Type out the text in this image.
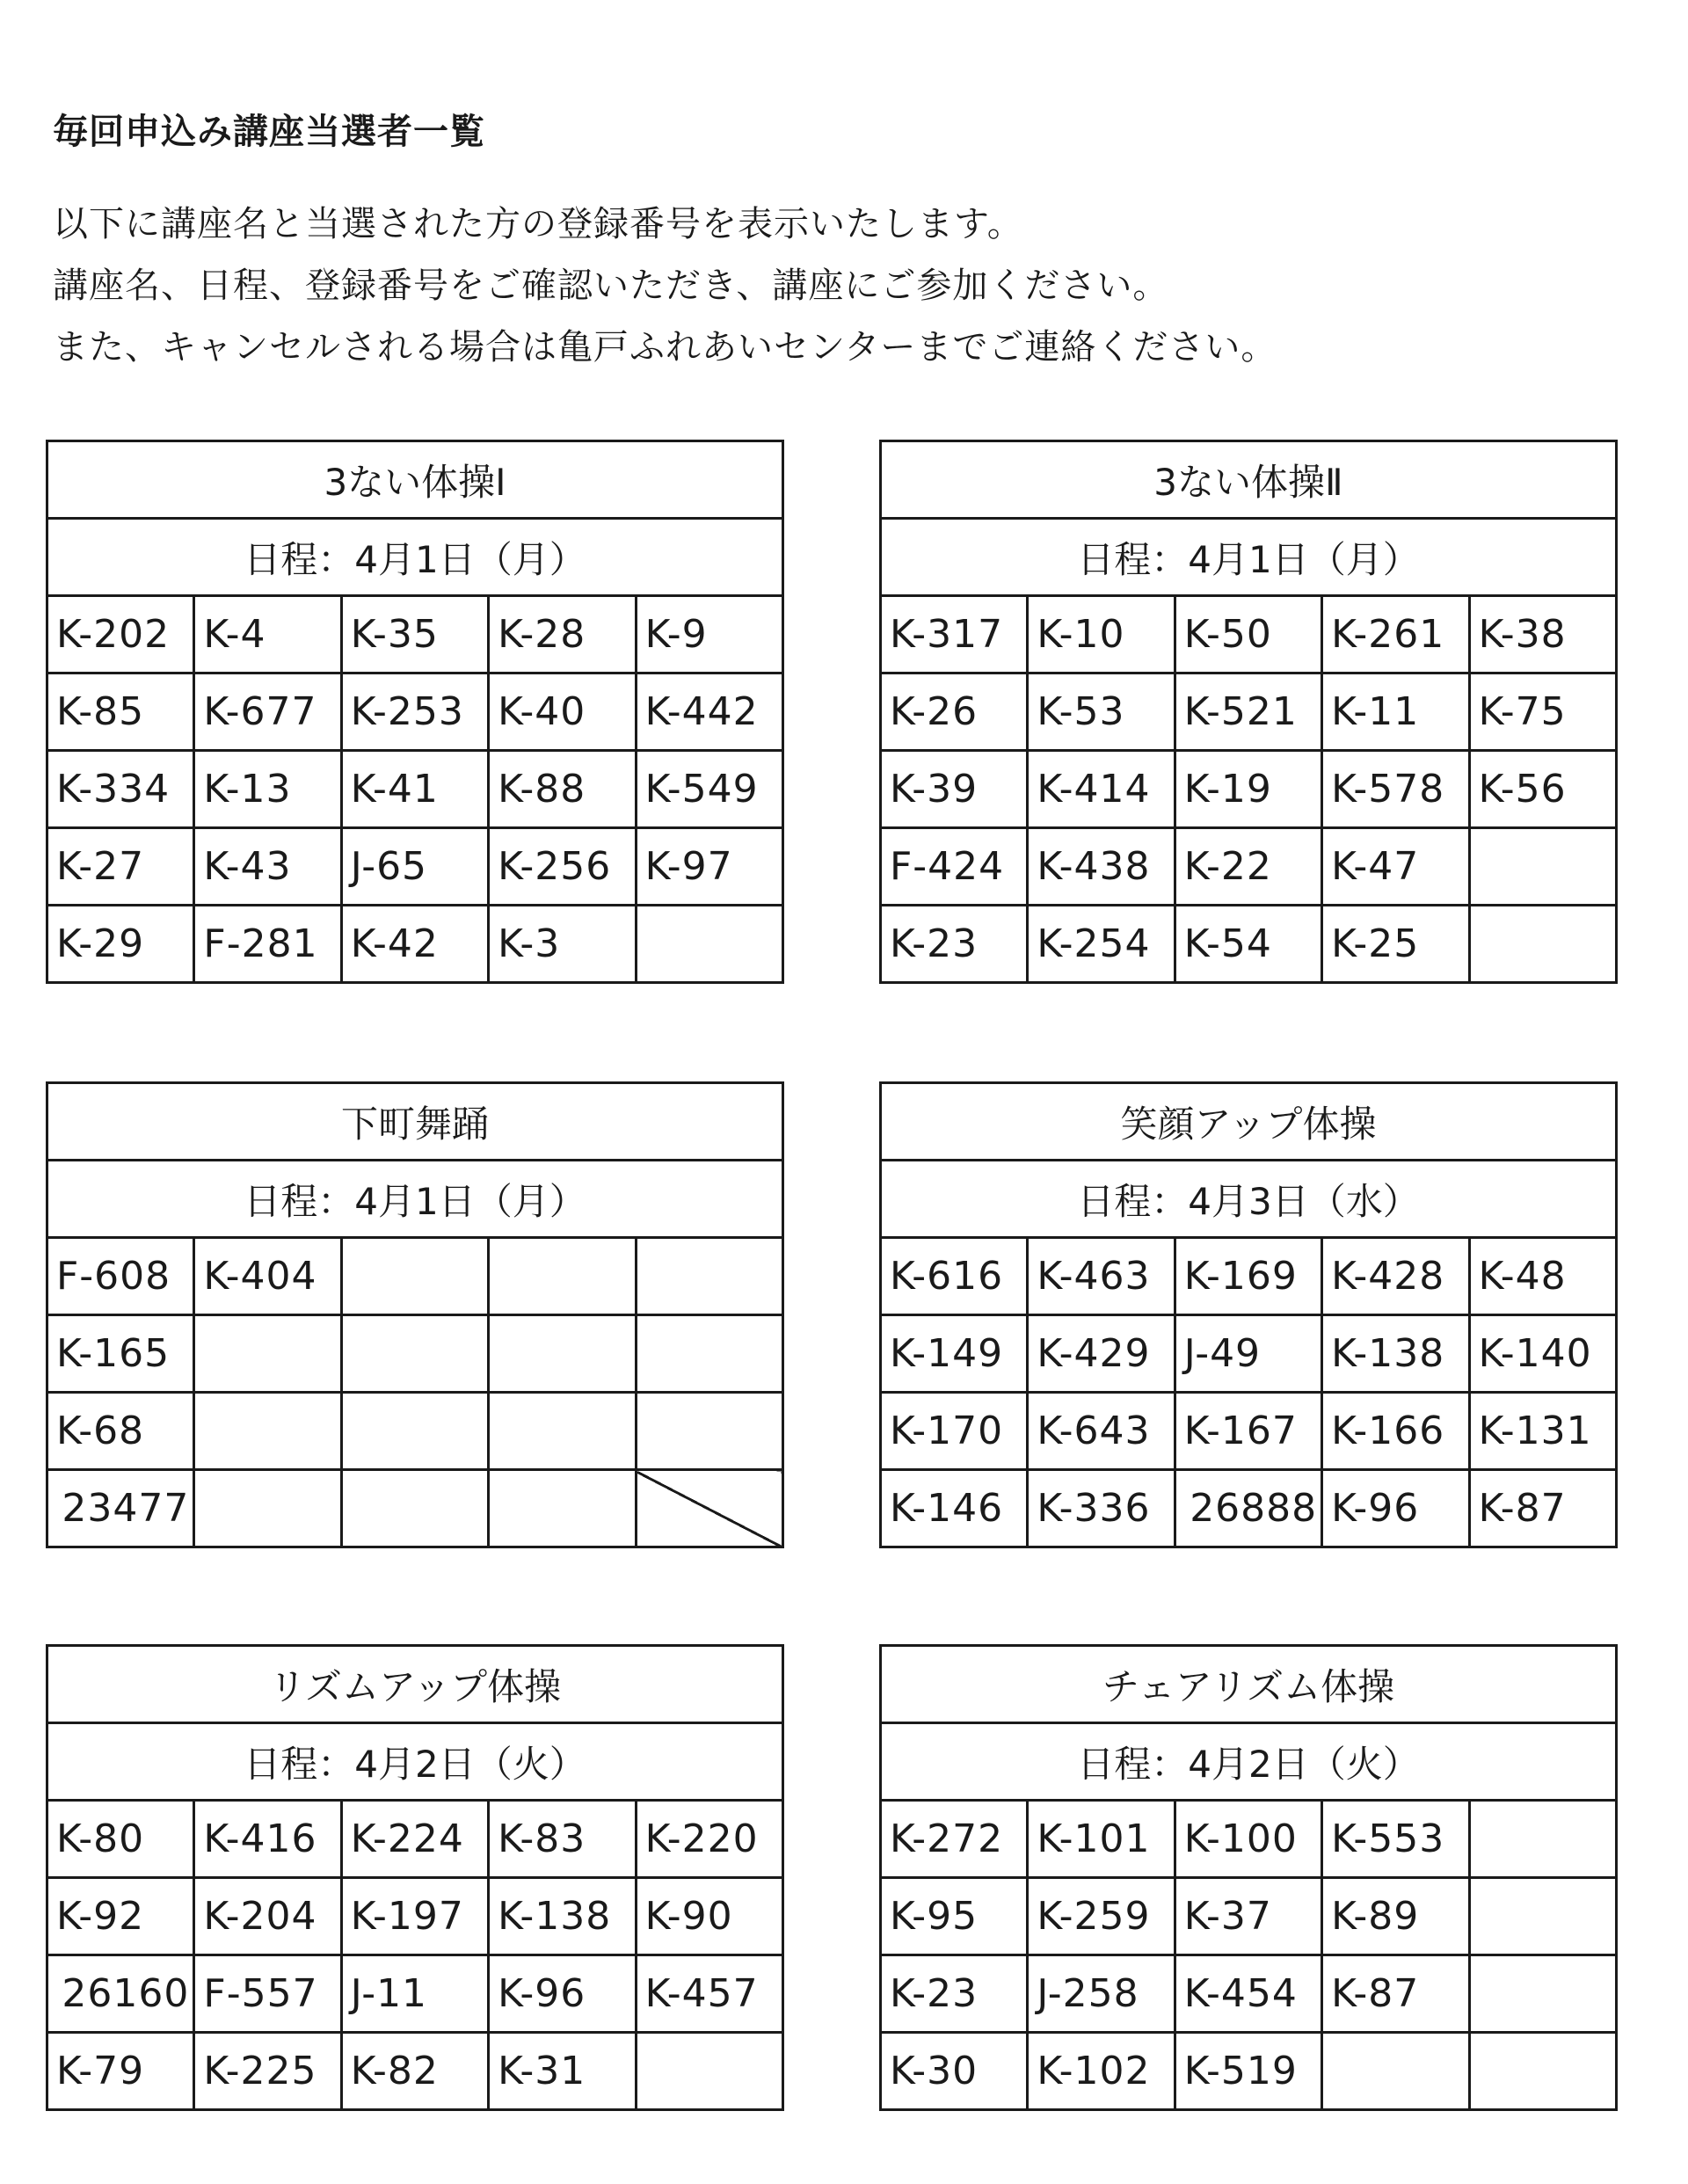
毎回申込み講座当選者一覧

以下に講座名と当選された方の登録番号を表示いたします。

講座名、日程、登録番号をご確認いただき、講座にご参加ください。

また、キャンセルされる場合は亀戸ふれあいセンターまでご連絡ください。

3ない体操Ⅰ				
日程：4月1日（月）				
K-202	K-4	K-35	K-28	K-9
K-85	K-677	K-253	K-40	K-442
K-334	K-13	K-41	K-88	K-549
K-27	K-43	J-65	K-256	K-97
K-29	F-281	K-42	K-3	
3ない体操Ⅱ				
日程：4月1日（月）				
K-317	K-10	K-50	K-261	K-38
K-26	K-53	K-521	K-11	K-75
K-39	K-414	K-19	K-578	K-56
F-424	K-438	K-22	K-47	
K-23	K-254	K-54	K-25	
下町舞踊				
日程：4月1日（月）				
F-608	K-404			
K-165				
K-68				
23477				
笑顔アップ体操				
日程：4月3日（水）				
K-616	K-463	K-169	K-428	K-48
K-149	K-429	J-49	K-138	K-140
K-170	K-643	K-167	K-166	K-131
K-146	K-336	26888	K-96	K-87
リズムアップ体操				
日程：4月2日（火）				
K-80	K-416	K-224	K-83	K-220
K-92	K-204	K-197	K-138	K-90
26160	F-557	J-11	K-96	K-457
K-79	K-225	K-82	K-31	
チェアリズム体操				
日程：4月2日（火）				
K-272	K-101	K-100	K-553	
K-95	K-259	K-37	K-89	
K-23	J-258	K-454	K-87	
K-30	K-102	K-519		
